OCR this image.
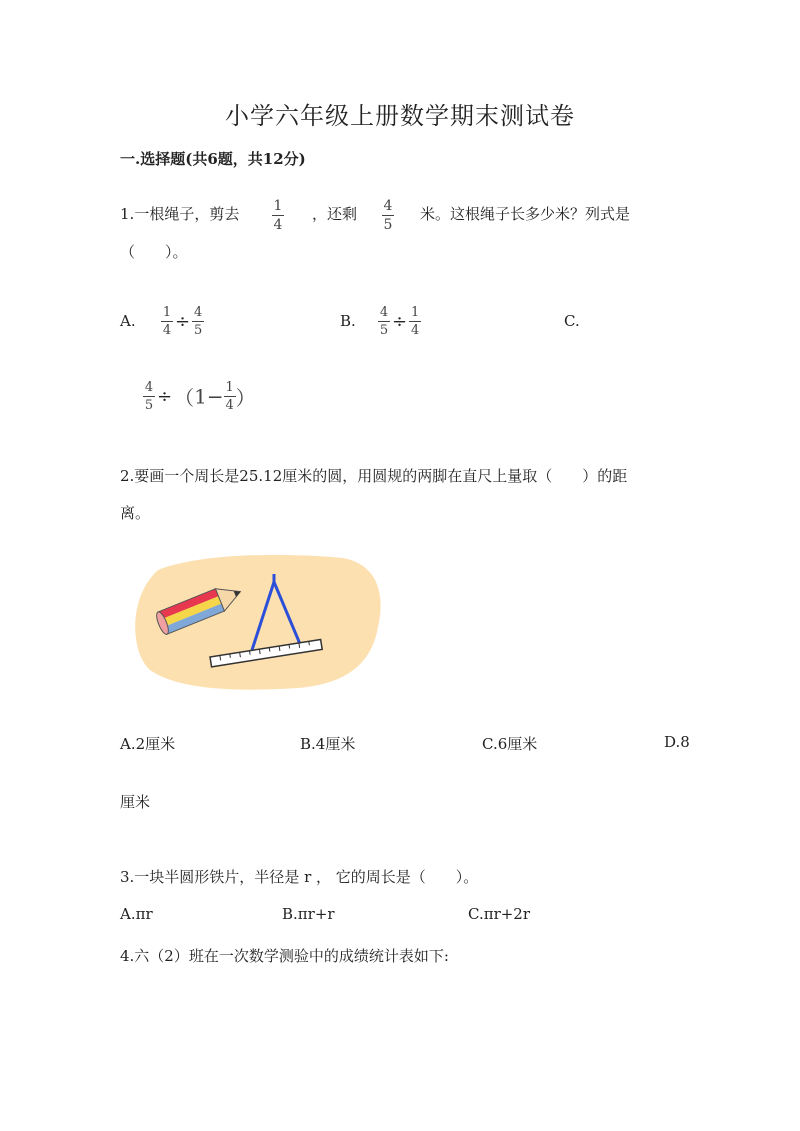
小学六年级上册数学期末测试卷
一.选择题(共6题，共12分)
1.一根绳子，剪去 $\frac{1}{4}$ ，还剩 $\frac{4}{5}$ 米。这根绳子长多少米？列式是
（　　）。
A. $\frac{1}{4} \div \frac{4}{5}$	B. $\frac{4}{5} \div \frac{1}{4}$	C.
$\frac{4}{5} \div (1- \frac{1}{4}$ ）
2.要画一个周长是25.12厘米的圆，用圆规的两脚在直尺上量取（　　）的距
离。
A.2厘米	B.4厘米	C.6厘米	D.8
厘米
3.一块半圆形铁片，半径是 r ， 它的周长是（　　）。
A.πr	B.πr+r	C.πr+2r
4.六（2）班在一次数学测验中的成绩统计表如下:
